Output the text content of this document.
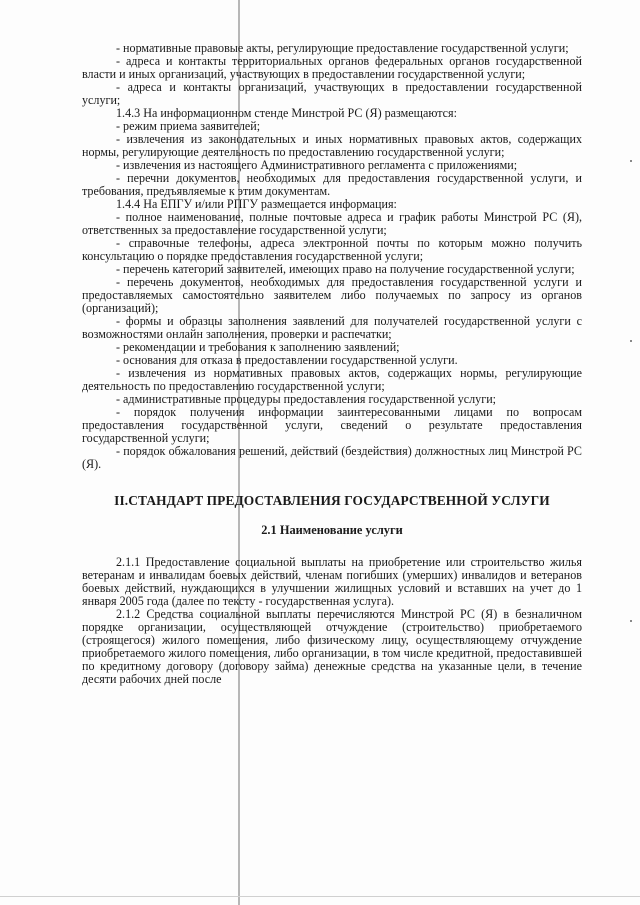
- нормативные правовые акты, регулирующие предоставление государственной услуги;

- адреса и контакты территориальных органов федеральных органов государственной власти и иных организаций, участвующих в предоставлении государственной услуги;

- адреса и контакты организаций, участвующих в предоставлении государственной услуги;

1.4.3 На информационном стенде Минстрой РС (Я) размещаются:

- режим приема заявителей;

- извлечения из законодательных и иных нормативных правовых актов, содержащих нормы, регулирующие деятельность по предоставлению государственной услуги;

- извлечения из настоящего Административного регламента с приложениями;

- перечни документов, необходимых для предоставления государственной услуги, и требования, предъявляемые к этим документам.

1.4.4 На ЕПГУ и/или РПГУ размещается информация:

- полное наименование, полные почтовые адреса и график работы Минстрой РС (Я), ответственных за предоставление государственной услуги;

- справочные телефоны, адреса электронной почты по которым можно получить консультацию о порядке предоставления государственной услуги;

- перечень категорий заявителей, имеющих право на получение государственной услуги;

- перечень документов, необходимых для предоставления государственной услуги и предоставляемых самостоятельно заявителем либо получаемых по запросу из органов (организаций);

- формы и образцы заполнения заявлений для получателей государственной услуги с возможностями онлайн заполнения, проверки и распечатки;

- рекомендации и требования к заполнению заявлений;

- основания для отказа в предоставлении государственной услуги.

- извлечения из нормативных правовых актов, содержащих нормы, регулирующие деятельность по предоставлению государственной услуги;

- административные процедуры предоставления государственной услуги;

- порядок получения информации заинтересованными лицами по вопросам предоставления государственной услуги, сведений о результате предоставления государственной услуги;

- порядок обжалования решений, действий (бездействия) должностных лиц Минстрой РС (Я).

II.СТАНДАРТ ПРЕДОСТАВЛЕНИЯ ГОСУДАРСТВЕННОЙ УСЛУГИ
2.1 Наименование услуги

2.1.1 Предоставление социальной выплаты на приобретение или строительство жилья ветеранам и инвалидам боевых действий, членам погибших (умерших) инвалидов и ветеранов боевых действий, нуждающихся в улучшении жилищных условий и вставших на учет до 1 января 2005 года (далее по тексту - государственная услуга).

2.1.2 Средства социальной выплаты перечисляются Минстрой РС (Я) в безналичном порядке организации, осуществляющей отчуждение (строительство) приобретаемого (строящегося) жилого помещения, либо физическому лицу, осуществляющему отчуждение приобретаемого жилого помещения, либо организации, в том числе кредитной, предоставившей по кредитному договору (договору займа) денежные средства на указанные цели, в течение десяти рабочих дней после
